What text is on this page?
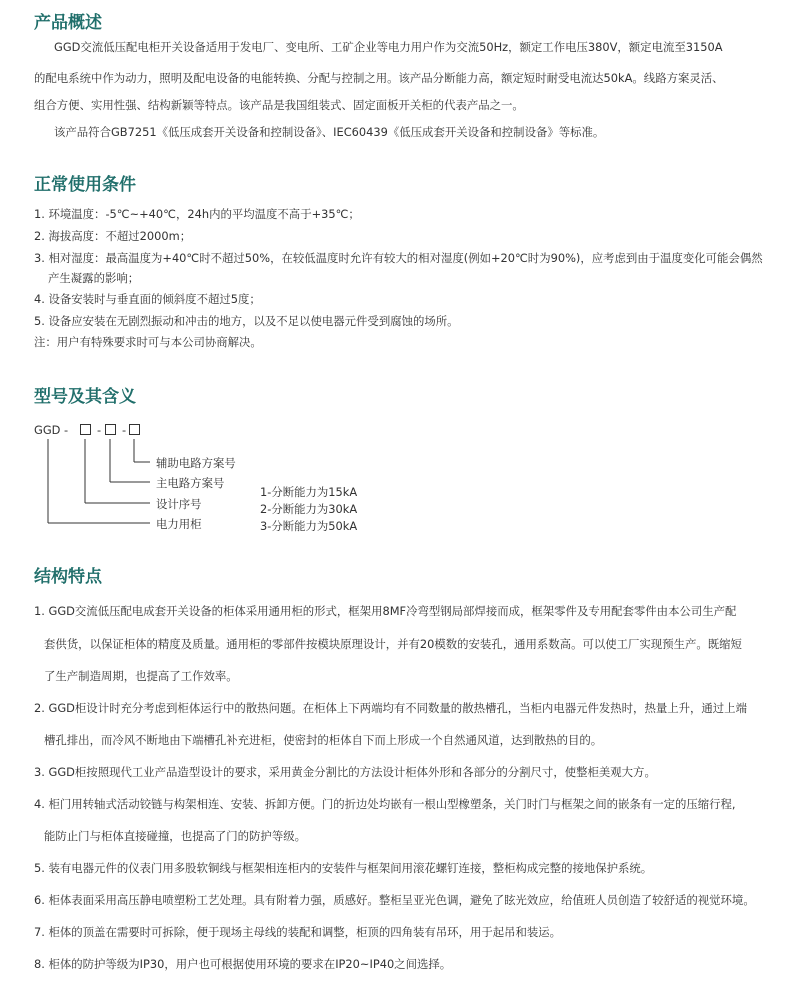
产品概述

GGD交流低压配电柜开关设备适用于发电厂、变电所、工矿企业等电力用户作为交流50Hz，额定工作电压380V，额定电流至3150A

的配电系统中作为动力，照明及配电设备的电能转换、分配与控制之用。该产品分断能力高，额定短时耐受电流达50kA。线路方案灵活、

组合方便、实用性强、结构新颖等特点。该产品是我国组装式、固定面板开关柜的代表产品之一。

该产品符合GB7251《低压成套开关设备和控制设备》、IEC60439《低压成套开关设备和控制设备》等标准。

正常使用条件

1. 环境温度：-5℃~+40℃，24h内的平均温度不高于+35℃；

2. 海拔高度：不超过2000m；

3. 相对湿度：最高温度为+40℃时不超过50%，在较低温度时允许有较大的相对湿度(例如+20℃时为90%)，应考虑到由于温度变化可能会偶然

产生凝露的影响；

4. 设备安装时与垂直面的倾斜度不超过5度；

5. 设备应安装在无剧烈振动和冲击的地方，以及不足以使电器元件受到腐蚀的场所。

注：用户有特殊要求时可与本公司协商解决。

型号及其含义
GGD -	- -
辅助电路方案号
主电路方案号
设计序号
电力用柜
1-分断能力为15kA
2-分断能力为30kA
3-分断能力为50kA
结构特点

1. GGD交流低压配电成套开关设备的柜体采用通用柜的形式，框架用8MF冷弯型钢局部焊接而成，框架零件及专用配套零件由本公司生产配

套供货，以保证柜体的精度及质量。通用柜的零部件按模块原理设计，并有20模数的安装孔，通用系数高。可以使工厂实现预生产。既缩短

了生产制造周期，也提高了工作效率。

2. GGD柜设计时充分考虑到柜体运行中的散热问题。在柜体上下两端均有不同数量的散热槽孔，当柜内电器元件发热时，热量上升，通过上端

槽孔排出，而冷风不断地由下端槽孔补充进柜，使密封的柜体自下而上形成一个自然通风道，达到散热的目的。

3. GGD柜按照现代工业产品造型设计的要求，采用黄金分割比的方法设计柜体外形和各部分的分割尺寸，使整柜美观大方。

4. 柜门用转轴式活动铰链与构架相连、安装、拆卸方便。门的折边处均嵌有一根山型橡塑条，关门时门与框架之间的嵌条有一定的压缩行程,

能防止门与柜体直接碰撞，也提高了门的防护等级。

5. 装有电器元件的仪表门用多股软铜线与框架相连柜内的安装件与框架间用滚花螺钉连接，整柜构成完整的接地保护系统。

6. 柜体表面采用高压静电喷塑粉工艺处理。具有附着力强，质感好。整柜呈亚光色调，避免了眩光效应，给值班人员创造了较舒适的视觉环境。

7. 柜体的顶盖在需要时可拆除，便于现场主母线的装配和调整，柜顶的四角装有吊环，用于起吊和装运。

8. 柜体的防护等级为IP30，用户也可根据使用环境的要求在IP20~IP40之间选择。
